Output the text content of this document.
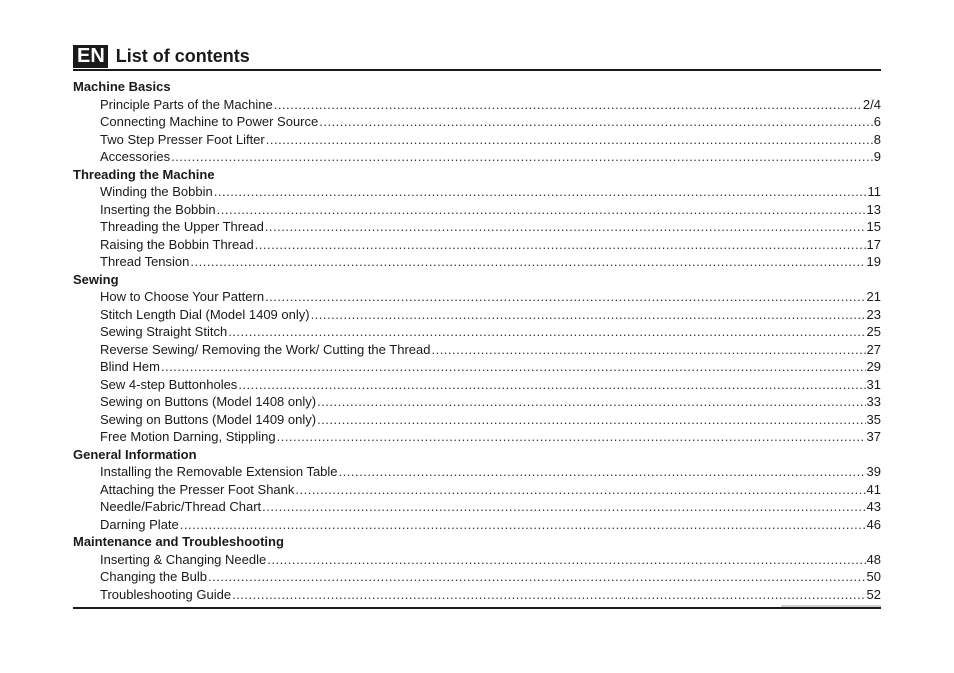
EN List of contents
Machine Basics
Principle Parts of the Machine .....	2/4
Connecting Machine to Power Source .....	6
Two Step Presser Foot Lifter .....	8
Accessories .....	9
Threading the Machine
Winding the Bobbin .....	11
Inserting the Bobbin .....	13
Threading the Upper Thread .....	15
Raising the Bobbin Thread .....	17
Thread Tension .....	19
Sewing
How to Choose Your Pattern .....	21
Stitch Length Dial (Model 1409 only) .....	23
Sewing Straight Stitch .....	25
Reverse Sewing/ Removing the Work/ Cutting the Thread .....	27
Blind Hem .....	29
Sew 4-step Buttonholes .....	31
Sewing on Buttons (Model 1408 only) .....	33
Sewing on Buttons (Model 1409 only) .....	35
Free Motion Darning, Stippling .....	37
General Information
Installing the Removable Extension Table .....	39
Attaching the Presser Foot Shank .....	41
Needle/Fabric/Thread Chart .....	43
Darning Plate .....	46
Maintenance and Troubleshooting
Inserting & Changing Needle .....	48
Changing the Bulb .....	50
Troubleshooting Guide .....	52
